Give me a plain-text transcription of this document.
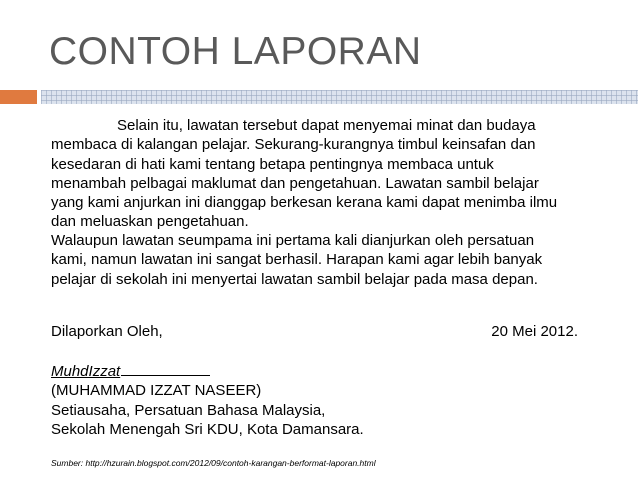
CONTOH LAPORAN
Selain itu, lawatan tersebut dapat menyemai minat dan budaya
membaca di kalangan pelajar. Sekurang-kurangnya timbul keinsafan dan
kesedaran di hati kami tentang betapa pentingnya membaca untuk
menambah pelbagai maklumat dan pengetahuan. Lawatan sambil belajar
yang kami anjurkan ini dianggap berkesan kerana kami dapat menimba ilmu
dan meluaskan pengetahuan.
Walaupun lawatan seumpama ini pertama kali dianjurkan oleh persatuan
kami, namun lawatan ini sangat berhasil. Harapan kami agar lebih banyak
pelajar di sekolah ini menyertai lawatan sambil belajar pada masa depan.
Dilaporkan Oleh,	20 Mei 2012.
MuhdIzzat
(MUHAMMAD IZZAT NASEER)
Setiausaha, Persatuan Bahasa Malaysia,
Sekolah Menengah Sri KDU, Kota Damansara.
Sumber: http://hzurain.blogspot.com/2012/09/contoh-karangan-berformat-laporan.html
